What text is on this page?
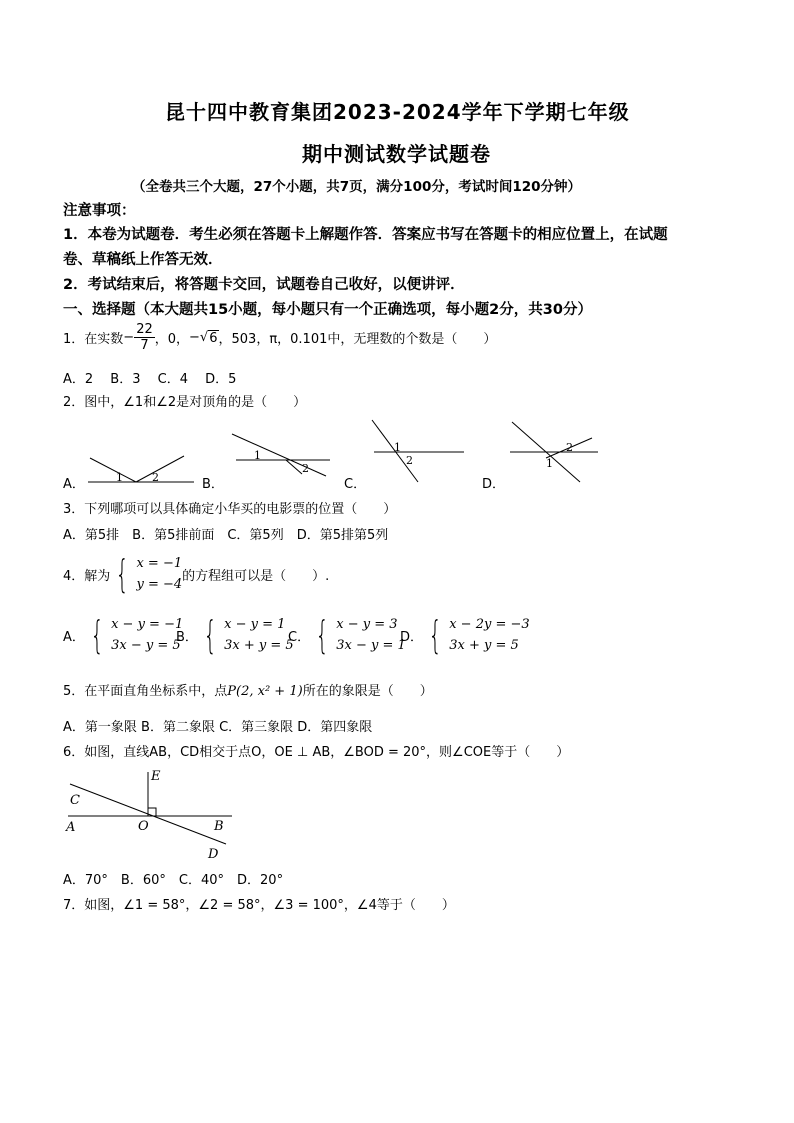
昆十四中教育集团2023-2024学年下学期七年级
期中测试数学试题卷
（全卷共三个大题，27个小题，共7页，满分100分，考试时间120分钟）
注意事项：
1．本卷为试题卷．考生必须在答题卡上解题作答．答案应书写在答题卡的相应位置上，在试题
卷、草稿纸上作答无效．
2．考试结束后，将答题卡交回，试题卷自己收好，以便讲评．
一、选择题（本大题共15小题，每小题只有一个正确选项，每小题2分，共30分）
1．在实数 − $\frac{22}{7}$ ，0， − √ 6 ，503，π，0.101中，无理数的个数是（　　）
A．2　 B．3　 C．4　 D．5
2．图中，∠1和∠2是对顶角的是（　　）
A．	1	2	B．
1
2
C．
1
2
D．
1
2
3．下列哪项可以具体确定小华买的电影票的位置（　　）
A．第5排　B．第5排前面　C．第5列　D．第5排第5列
4．解为 { x = −1
y = −4
的方程组可以是（　　）.
A． { x − y = −1
3x − y = 5
B． { x − y = 1
3x + y = 5
C． { x − y = 3
3x − y = 1
D． { x − 2y = −3
3x + y = 5
5．在平面直角坐标系中，点P(2, x² + 1)所在的象限是（　　）
A．第一象限 B．第二象限 C．第三象限 D．第四象限
6．如图，直线AB，CD相交于点O，OE ⊥ AB，∠BOD = 20°，则∠COE等于（　　）
E
C
A	O	B
D
A．70°　B．60°　C．40°　D．20°
7．如图，∠1 = 58°，∠2 = 58°，∠3 = 100°，∠4等于（　　）
